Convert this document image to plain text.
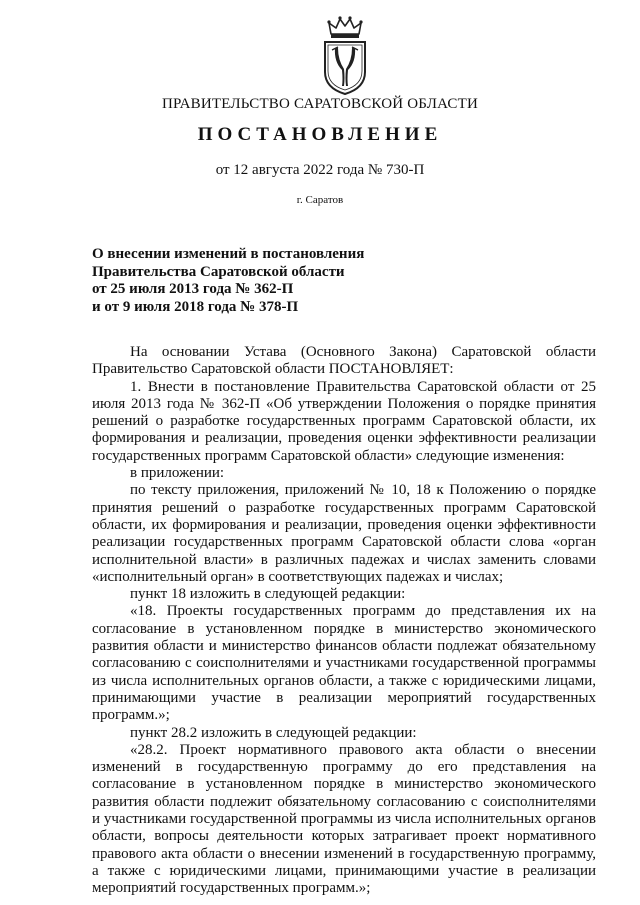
ПРАВИТЕЛЬСТВО САРАТОВСКОЙ ОБЛАСТИ
ПОСТАНОВЛЕНИЕ
от 12 августа 2022 года № 730-П
г. Саратов
О внесении изменений в постановления
Правительства Саратовской области
от 25 июля 2013 года № 362-П
и от 9 июля 2018 года № 378-П

На основании Устава (Основного Закона) Саратовской области Правительство Саратовской области ПОСТАНОВЛЯЕТ:

1. Внести в постановление Правительства Саратовской области от 25 июля 2013 года № 362-П «Об утверждении Положения о порядке принятия решений о разработке государственных программ Саратовской области, их формирования и реализации, проведения оценки эффективности реализации государственных программ Саратовской области» следующие изменения:

в приложении:

по тексту приложения, приложений № 10, 18 к Положению о порядке принятия решений о разработке государственных программ Саратовской области, их формирования и реализации, проведения оценки эффективности реализации государственных программ Саратовской области слова «орган исполнительной власти» в различных падежах и числах заменить словами «исполнительный орган» в соответствующих падежах и числах;

пункт 18 изложить в следующей редакции:

«18. Проекты государственных программ до представления их на согласование в установленном порядке в министерство экономического развития области и министерство финансов области подлежат обязательному согласованию с соисполнителями и участниками государственной программы из числа исполнительных органов области, а также с юридическими лицами, принимающими участие в реализации мероприятий государственных программ.»;

пункт 28.2 изложить в следующей редакции:

«28.2. Проект нормативного правового акта области о внесении изменений в государственную программу до его представления на согласование в установленном порядке в министерство экономического развития области подлежит обязательному согласованию с соисполнителями и участниками государственной программы из числа исполнительных органов области, вопросы деятельности которых затрагивает проект нормативного правового акта области о внесении изменений в государственную программу, а также с юридическими лицами, принимающими участие в реализации мероприятий государственных программ.»;
